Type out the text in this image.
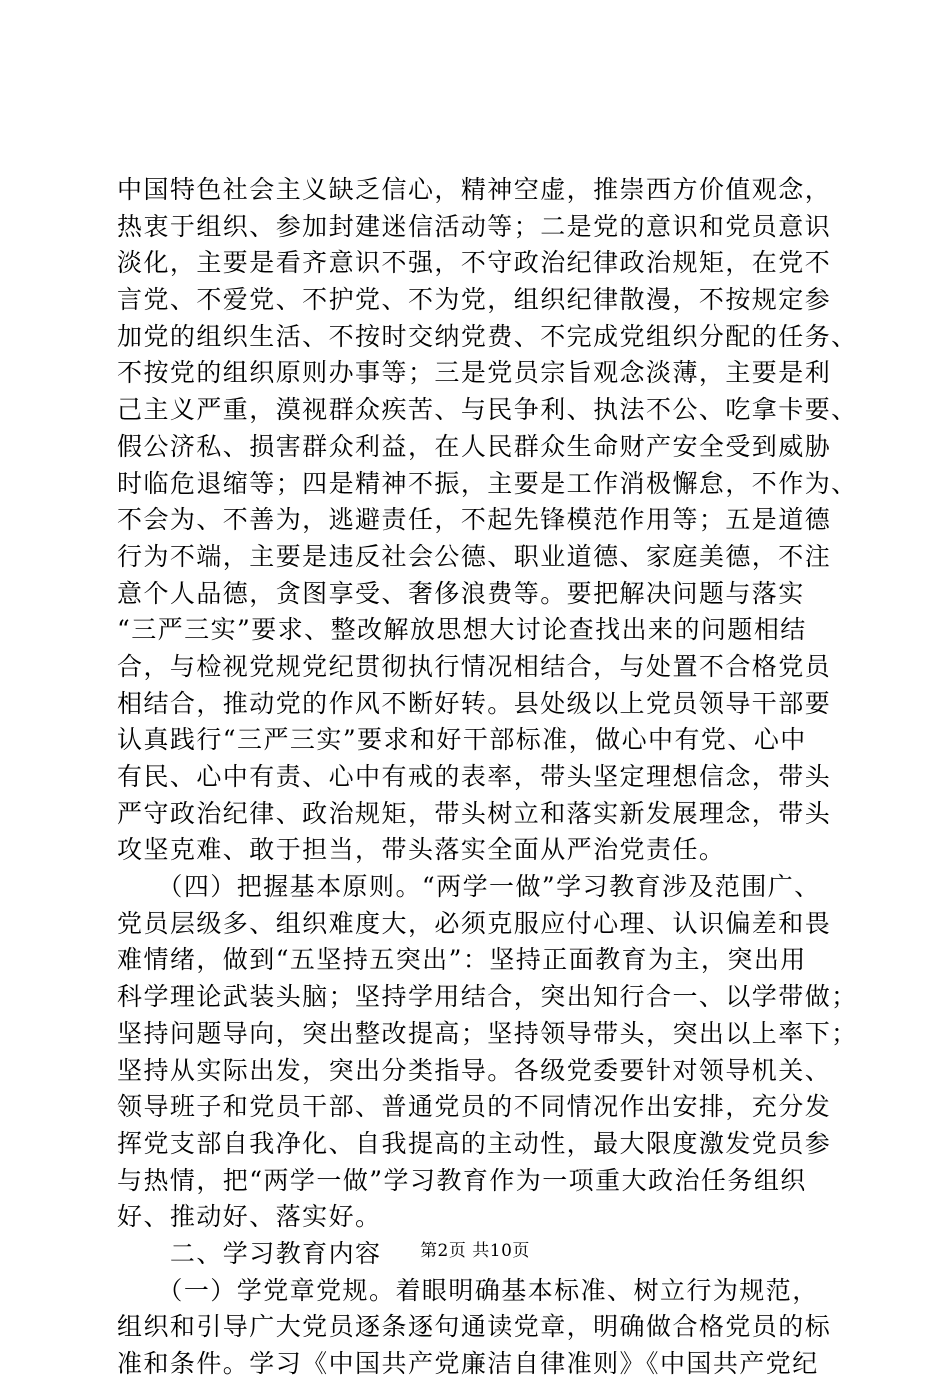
中国特色社会主义缺乏信心，精神空虚，推崇西方价值观念，
热衷于组织、参加封建迷信活动等；二是党的意识和党员意识
淡化，主要是看齐意识不强，不守政治纪律政治规矩，在党不
言党、不爱党、不护党、不为党，组织纪律散漫，不按规定参
加党的组织生活、不按时交纳党费、不完成党组织分配的任务、
不按党的组织原则办事等；三是党员宗旨观念淡薄，主要是利
己主义严重，漠视群众疾苦、与民争利、执法不公、吃拿卡要、
假公济私、损害群众利益，在人民群众生命财产安全受到威胁
时临危退缩等；四是精神不振，主要是工作消极懈怠，不作为、
不会为、不善为，逃避责任，不起先锋模范作用等；五是道德
行为不端，主要是违反社会公德、职业道德、家庭美德，不注
意个人品德，贪图享受、奢侈浪费等。要把解决问题与落实
“三严三实”要求、整改解放思想大讨论查找出来的问题相结
合，与检视党规党纪贯彻执行情况相结合，与处置不合格党员
相结合，推动党的作风不断好转。县处级以上党员领导干部要
认真践行“三严三实”要求和好干部标准，做心中有党、心中
有民、心中有责、心中有戒的表率，带头坚定理想信念，带头
严守政治纪律、政治规矩，带头树立和落实新发展理念，带头
攻坚克难、敢于担当，带头落实全面从严治党责任。
　　（四）把握基本原则。“两学一做”学习教育涉及范围广、
党员层级多、组织难度大，必须克服应付心理、认识偏差和畏
难情绪，做到“五坚持五突出”：坚持正面教育为主，突出用
科学理论武装头脑；坚持学用结合，突出知行合一、以学带做；
坚持问题导向，突出整改提高；坚持领导带头，突出以上率下；
坚持从实际出发，突出分类指导。各级党委要针对领导机关、
领导班子和党员干部、普通党员的不同情况作出安排，充分发
挥党支部自我净化、自我提高的主动性，最大限度激发党员参
与热情，把“两学一做”学习教育作为一项重大政治任务组织
好、推动好、落实好。
　　二、学习教育内容
　　（一）学党章党规。着眼明确基本标准、树立行为规范，
组织和引导广大党员逐条逐句通读党章，明确做合格党员的标
准和条件。学习《中国共产党廉洁自律准则》《中国共产党纪
第2页 共10页
